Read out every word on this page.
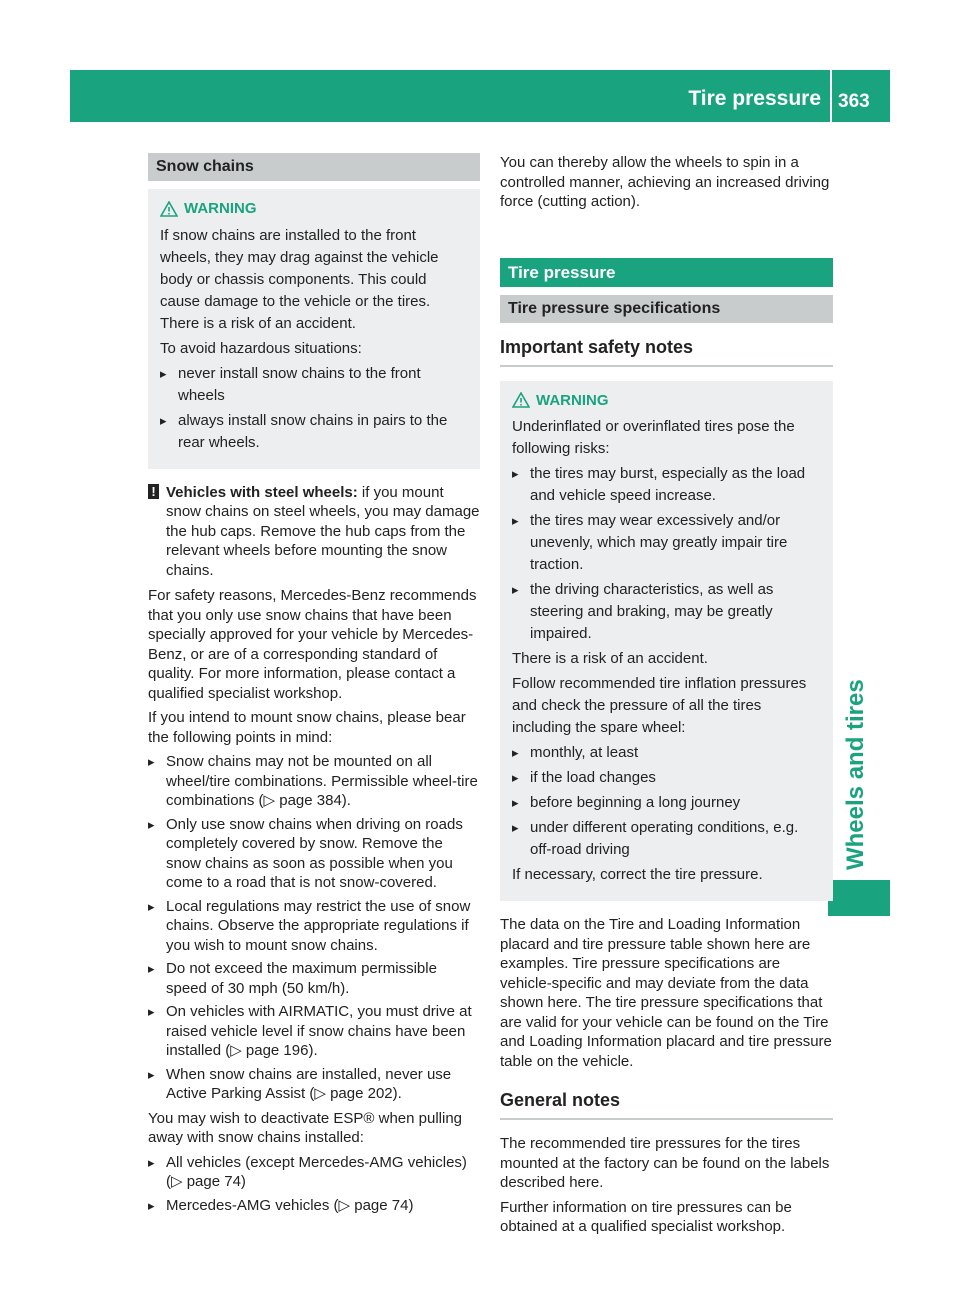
Tire pressure 363
Wheels and tires
Snow chains
WARNING

If snow chains are installed to the front wheels, they may drag against the vehicle body or chassis components. This could cause damage to the vehicle or the tires. There is a risk of an accident.

To avoid hazardous situations:

▸ never install snow chains to the front wheels
▸ always install snow chains in pairs to the rear wheels.
! Vehicles with steel wheels: if you mount snow chains on steel wheels, you may damage the hub caps. Remove the hub caps from the relevant wheels before mounting the snow chains.

For safety reasons, Mercedes-Benz recommends that you only use snow chains that have been specially approved for your vehicle by Mercedes-Benz, or are of a corresponding standard of quality. For more information, please contact a qualified specialist workshop.

If you intend to mount snow chains, please bear the following points in mind:

▸ Snow chains may not be mounted on all wheel/tire combinations. Permissible wheel-tire combinations (▷ page 384).
▸ Only use snow chains when driving on roads completely covered by snow. Remove the snow chains as soon as possible when you come to a road that is not snow-covered.
▸ Local regulations may restrict the use of snow chains. Observe the appropriate regulations if you wish to mount snow chains.
▸ Do not exceed the maximum permissible speed of 30 mph (50 km/h).
▸ On vehicles with AIRMATIC, you must drive at raised vehicle level if snow chains have been installed (▷ page 196).
▸ When snow chains are installed, never use Active Parking Assist (▷ page 202).

You may wish to deactivate ESP® when pulling away with snow chains installed:

▸ All vehicles (except Mercedes-AMG vehicles) (▷ page 74)
▸ Mercedes-AMG vehicles (▷ page 74)

You can thereby allow the wheels to spin in a controlled manner, achieving an increased driving force (cutting action).

Tire pressure
Tire pressure specifications
Important safety notes
WARNING

Underinflated or overinflated tires pose the following risks:

▸ the tires may burst, especially as the load and vehicle speed increase.
▸ the tires may wear excessively and/or unevenly, which may greatly impair tire traction.
▸ the driving characteristics, as well as steering and braking, may be greatly impaired.

There is a risk of an accident.

Follow recommended tire inflation pressures and check the pressure of all the tires including the spare wheel:

▸ monthly, at least
▸ if the load changes
▸ before beginning a long journey
▸ under different operating conditions, e.g. off-road driving

If necessary, correct the tire pressure.

The data on the Tire and Loading Information placard and tire pressure table shown here are examples. Tire pressure specifications are vehicle-specific and may deviate from the data shown here. The tire pressure specifications that are valid for your vehicle can be found on the Tire and Loading Information placard and tire pressure table on the vehicle.

General notes

The recommended tire pressures for the tires mounted at the factory can be found on the labels described here.

Further information on tire pressures can be obtained at a qualified specialist workshop.
